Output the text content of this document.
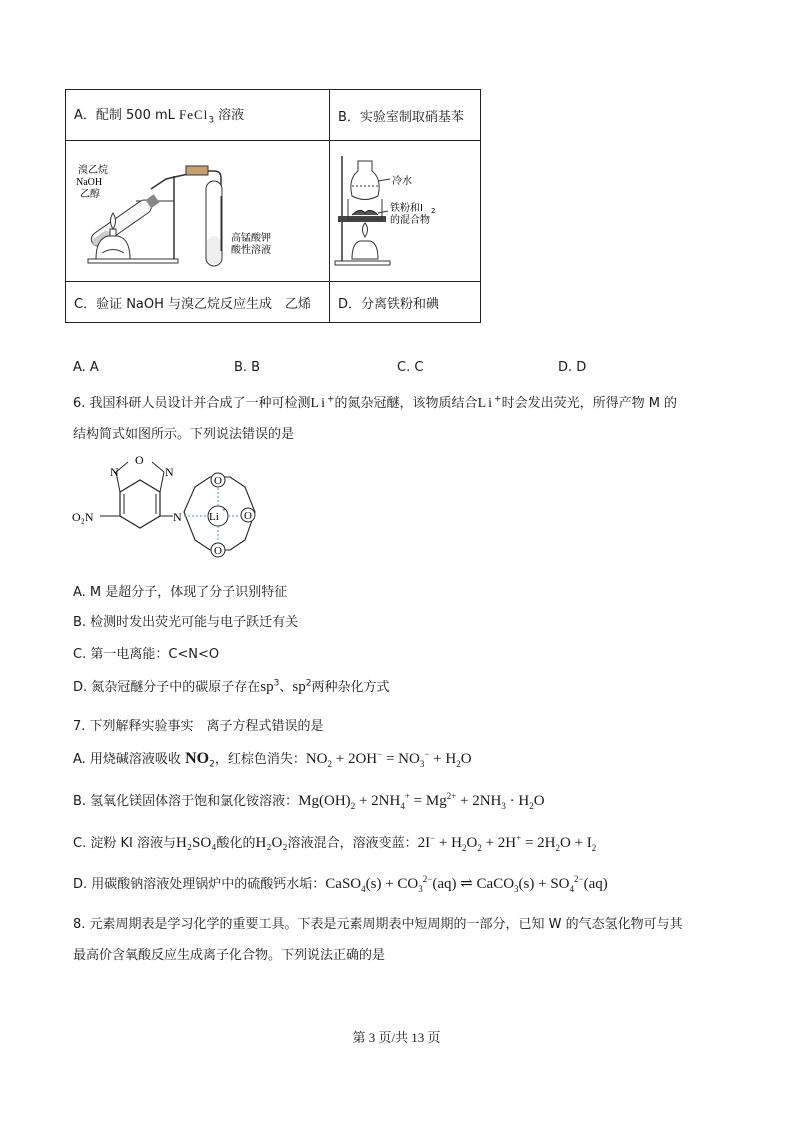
A．配制 500 mL FeCl$_3$ 溶液	B．实验室制取硝基苯

溴乙烷
NaOH
乙醇
高锰酸钾
酸性溶液	冷水
铁粉和I 2
的混合物

C．验证 NaOH 与溴乙烷反应生成　乙烯	D．分离铁粉和碘
A. A	B. B	C. C	D. D
6. 我国科研人员设计并合成了一种可检测Li+的氮杂冠醚，该物质结合Li+时会发出荧光，所得产物 M 的
结构简式如图所示。下列说法错误的是
N	N
O
O₂N	N
O
O
O
Li
+
A. M 是超分子，体现了分子识别特征
B. 检测时发出荧光可能与电子跃迁有关
C. 第一电离能：C<N<O
D. 氮杂冠醚分子中的碳原子存在$sp^3$、$sp^2$两种杂化方式
7. 下列解释实验事实　离子方程式错误的是
A. 用烧碱溶液吸收 $NO_2$，红棕色消失：$NO_2 + 2OH^- = NO_3^- + H_2O$
B. 氢氧化镁固体溶于饱和氯化铵溶液：$Mg(OH)_2 + 2NH_4^+ = Mg^{2+} + 2NH_3 \cdot H_2O$
C. 淀粉 KI 溶液与H₂SO₄酸化的H₂O₂溶液混合，溶液变蓝：$2I^- + H_2O_2 + 2H^+ = 2H_2O + I_2$
D. 用碳酸钠溶液处理锅炉中的硫酸钙水垢：CaSO$_4$(s) + $CO_3^{2-}(aq)$ ⇌ CaCO$_3$(s) + $SO_4^{2-}(aq)$
8. 元素周期表是学习化学的重要工具。下表是元素周期表中短周期的一部分，已知 W 的气态氢化物可与其
最高价含氧酸反应生成离子化合物。下列说法正确的是
第 3 页/共 13 页
